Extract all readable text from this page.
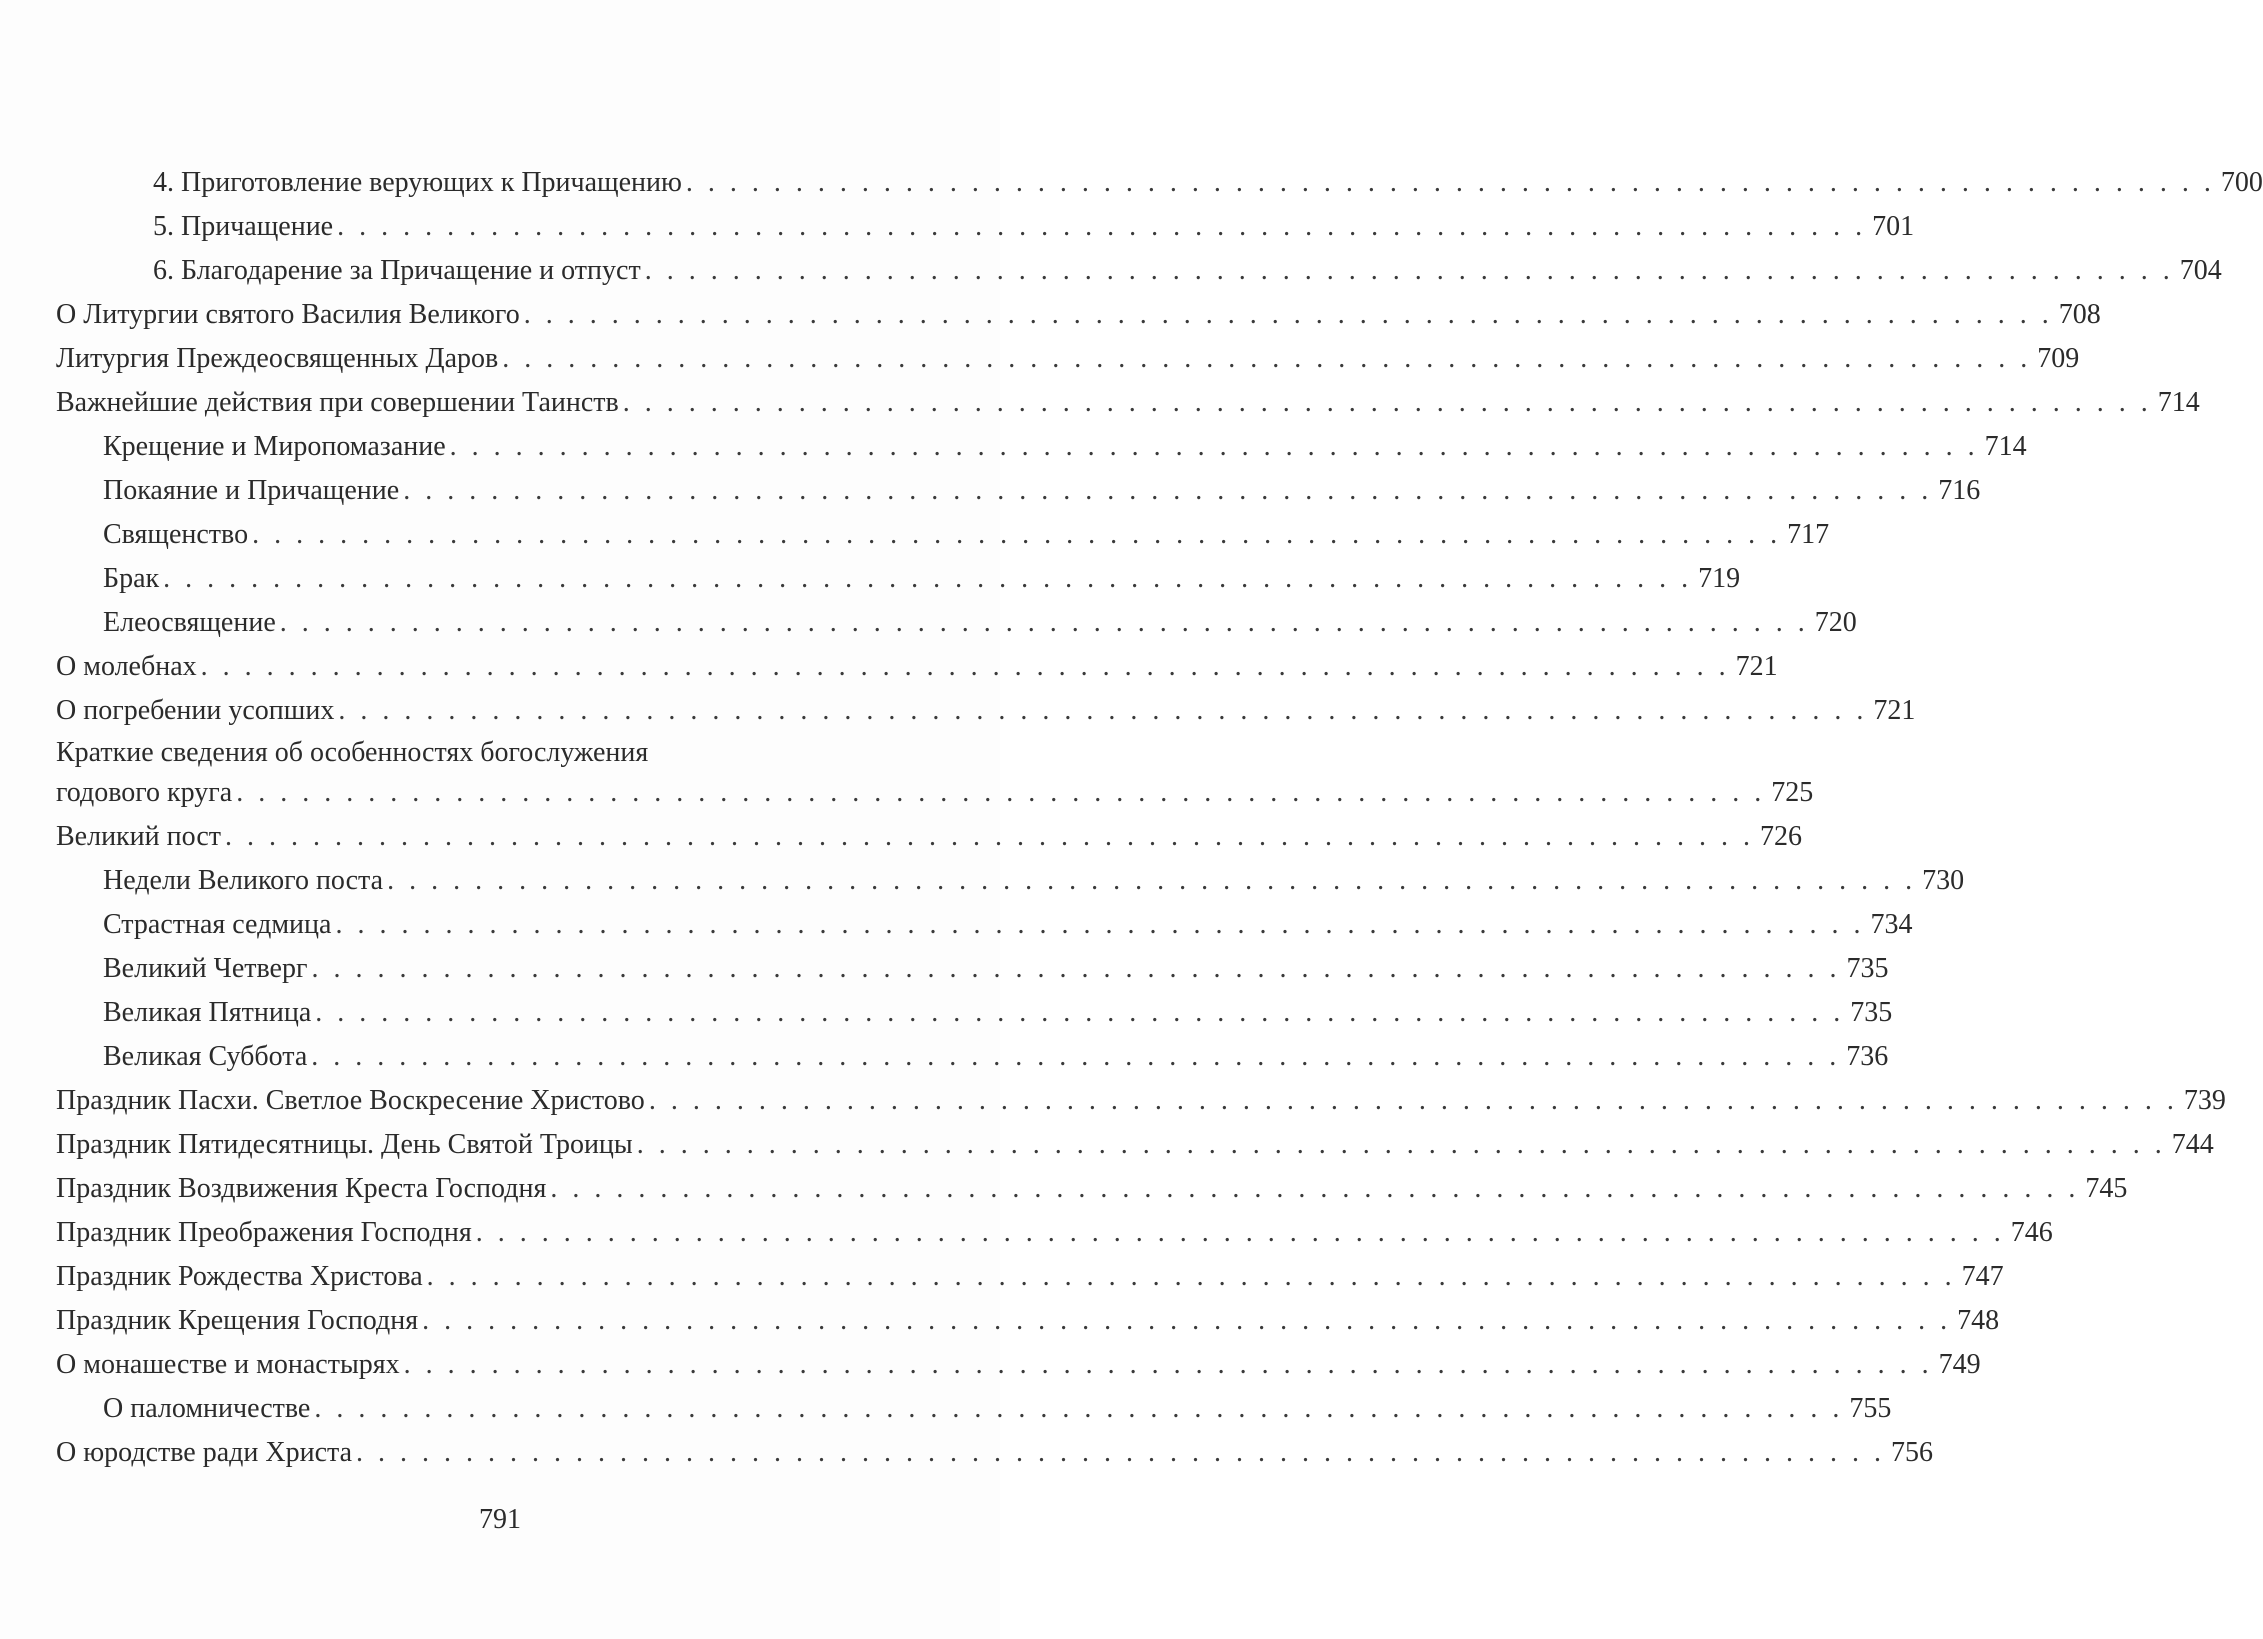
4. Приготовление верующих к Причащению . . . . . . . . . . . . . . . . . . . . . . . . . . . . . . . . . . . . . . . . . . . . . . . . . . . . . . . . . . . . . . . . . . . . . . 700
5. Причащение . . . . . . . . . . . . . . . . . . . . . . . . . . . . . . . . . . . . . . . . . . . . . . . . . . . . . . . . . . . . . . . . . . . . . . 701
6. Благодарение за Причащение и отпуст . . . . . . . . . . . . . . . . . . . . . . . . . . . . . . . . . . . . . . . . . . . . . . . . . . . . . . . . . . . . . . . . . . . . . . 704
О Литургии святого Василия Великого . . . . . . . . . . . . . . . . . . . . . . . . . . . . . . . . . . . . . . . . . . . . . . . . . . . . . . . . . . . . . . . . . . . . . . 708
Литургия Преждеосвященных Даров . . . . . . . . . . . . . . . . . . . . . . . . . . . . . . . . . . . . . . . . . . . . . . . . . . . . . . . . . . . . . . . . . . . . . . 709
Важнейшие действия при совершении Таинств . . . . . . . . . . . . . . . . . . . . . . . . . . . . . . . . . . . . . . . . . . . . . . . . . . . . . . . . . . . . . . . . . . . . . . 714
Крещение и Миропомазание . . . . . . . . . . . . . . . . . . . . . . . . . . . . . . . . . . . . . . . . . . . . . . . . . . . . . . . . . . . . . . . . . . . . . . 714
Покаяние и Причащение . . . . . . . . . . . . . . . . . . . . . . . . . . . . . . . . . . . . . . . . . . . . . . . . . . . . . . . . . . . . . . . . . . . . . . 716
Священство . . . . . . . . . . . . . . . . . . . . . . . . . . . . . . . . . . . . . . . . . . . . . . . . . . . . . . . . . . . . . . . . . . . . . . 717
Брак . . . . . . . . . . . . . . . . . . . . . . . . . . . . . . . . . . . . . . . . . . . . . . . . . . . . . . . . . . . . . . . . . . . . . . 719
Елеосвящение . . . . . . . . . . . . . . . . . . . . . . . . . . . . . . . . . . . . . . . . . . . . . . . . . . . . . . . . . . . . . . . . . . . . . . 720
О молебнах . . . . . . . . . . . . . . . . . . . . . . . . . . . . . . . . . . . . . . . . . . . . . . . . . . . . . . . . . . . . . . . . . . . . . . 721
О погребении усопших . . . . . . . . . . . . . . . . . . . . . . . . . . . . . . . . . . . . . . . . . . . . . . . . . . . . . . . . . . . . . . . . . . . . . . 721
Краткие сведения об особенностях богослужения
годового круга . . . . . . . . . . . . . . . . . . . . . . . . . . . . . . . . . . . . . . . . . . . . . . . . . . . . . . . . . . . . . . . . . . . . . . 725
Великий пост . . . . . . . . . . . . . . . . . . . . . . . . . . . . . . . . . . . . . . . . . . . . . . . . . . . . . . . . . . . . . . . . . . . . . . 726
Недели Великого поста . . . . . . . . . . . . . . . . . . . . . . . . . . . . . . . . . . . . . . . . . . . . . . . . . . . . . . . . . . . . . . . . . . . . . . 730
Страстная седмица . . . . . . . . . . . . . . . . . . . . . . . . . . . . . . . . . . . . . . . . . . . . . . . . . . . . . . . . . . . . . . . . . . . . . . 734
Великий Четверг . . . . . . . . . . . . . . . . . . . . . . . . . . . . . . . . . . . . . . . . . . . . . . . . . . . . . . . . . . . . . . . . . . . . . . 735
Великая Пятница . . . . . . . . . . . . . . . . . . . . . . . . . . . . . . . . . . . . . . . . . . . . . . . . . . . . . . . . . . . . . . . . . . . . . . 735
Великая Суббота . . . . . . . . . . . . . . . . . . . . . . . . . . . . . . . . . . . . . . . . . . . . . . . . . . . . . . . . . . . . . . . . . . . . . . 736
Праздник Пасхи. Светлое Воскресение Христово . . . . . . . . . . . . . . . . . . . . . . . . . . . . . . . . . . . . . . . . . . . . . . . . . . . . . . . . . . . . . . . . . . . . . . 739
Праздник Пятидесятницы. День Святой Троицы . . . . . . . . . . . . . . . . . . . . . . . . . . . . . . . . . . . . . . . . . . . . . . . . . . . . . . . . . . . . . . . . . . . . . . 744
Праздник Воздвижения Креста Господня . . . . . . . . . . . . . . . . . . . . . . . . . . . . . . . . . . . . . . . . . . . . . . . . . . . . . . . . . . . . . . . . . . . . . . 745
Праздник Преображения Господня . . . . . . . . . . . . . . . . . . . . . . . . . . . . . . . . . . . . . . . . . . . . . . . . . . . . . . . . . . . . . . . . . . . . . . 746
Праздник Рождества Христова . . . . . . . . . . . . . . . . . . . . . . . . . . . . . . . . . . . . . . . . . . . . . . . . . . . . . . . . . . . . . . . . . . . . . . 747
Праздник Крещения Господня . . . . . . . . . . . . . . . . . . . . . . . . . . . . . . . . . . . . . . . . . . . . . . . . . . . . . . . . . . . . . . . . . . . . . . 748
О монашестве и монастырях . . . . . . . . . . . . . . . . . . . . . . . . . . . . . . . . . . . . . . . . . . . . . . . . . . . . . . . . . . . . . . . . . . . . . . 749
О паломничестве . . . . . . . . . . . . . . . . . . . . . . . . . . . . . . . . . . . . . . . . . . . . . . . . . . . . . . . . . . . . . . . . . . . . . . 755
О юродстве ради Христа . . . . . . . . . . . . . . . . . . . . . . . . . . . . . . . . . . . . . . . . . . . . . . . . . . . . . . . . . . . . . . . . . . . . . . 756
791
